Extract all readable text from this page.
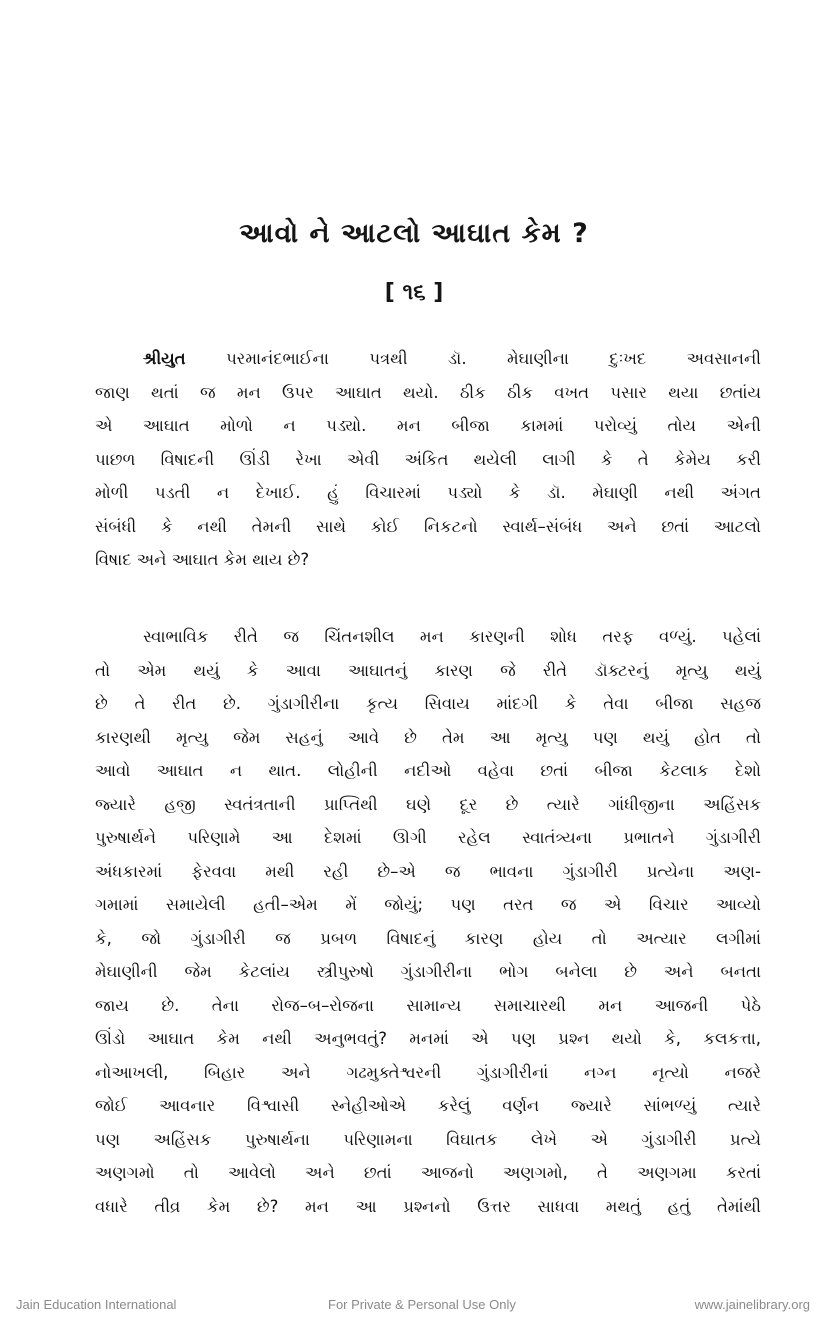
આવો ને આટલો આઘાત કેમ ?
[ ૧૬ ]
શ્રીયુત પરમાનંદભાઈના પત્રથી ડૉ. મેઘાણીના દુઃખદ અવસાનની
જાણ થતાં જ મન ઉપર આઘાત થયો. ઠીક ઠીક વખત પસાર થયા છતાંય
એ આઘાત મોળો ન પડ્યો. મન બીજા કામમાં પરોવ્યું તોય એની
પાછળ વિષાદની ઊંડી રેખા એવી અંકિત થયેલી લાગી કે તે કેમેય કરી
મોળી પડતી ન દેખાઈ. હું વિચારમાં પડ્યો કે ડૉ. મેઘાણી નથી અંગત
સંબંધી કે નથી તેમની સાથે કોઈ નિકટનો સ્વાર્થ–સંબંધ અને છતાં આટલો
વિષાદ અને આઘાત કેમ થાય છે?
સ્વાભાવિક રીતે જ ચિંતનશીલ મન કારણની શોધ તરફ વળ્યું. પહેલાં
તો એમ થયું કે આવા આઘાતનું કારણ જે રીતે ડૉક્ટરનું મૃત્યુ થયું
છે તે રીત છે. ગુંડાગીરીના કૃત્ય સિવાય માંદગી કે તેવા બીજા સહજ
કારણથી મૃત્યુ જેમ સહનું આવે છે તેમ આ મૃત્યુ પણ થયું હોત તો
આવો આઘાત ન થાત. લોહીની નદીઓ વહેવા છતાં બીજા કેટલાક દેશો
જ્યારે હજી સ્વતંત્રતાની પ્રાપ્તિથી ઘણે દૂર છે ત્યારે ગાંધીજીના અહિંસક
પુરુષાર્થને પરિણામે આ દેશમાં ઊગી રહેલ સ્વાતંત્ર્યના પ્રભાતને ગુંડાગીરી
અંધકારમાં ફેરવવા મથી રહી છે–એ જ ભાવના ગુંડાગીરી પ્રત્યેના અણ-
ગમામાં સમાયેલી હતી–એમ મેં જોયું; પણ તરત જ એ વિચાર આવ્યો
કે, જો ગુંડાગીરી જ પ્રબળ વિષાદનું કારણ હોય તો અત્યાર લગીમાં
મેઘાણીની જેમ કેટલાંય સ્ત્રીપુરુષો ગુંડાગીરીના ભોગ બનેલા છે અને બનતા
જાય છે. તેના રોજ–બ–રોજના સામાન્ય સમાચારથી મન આજની પેઠે
ઊંડો આઘાત કેમ નથી અનુભવતું? મનમાં એ પણ પ્રશ્ન થયો કે, કલકત્તા,
નોઆખલી, બિહાર અને ગઢમુક્તેશ્વરની ગુંડાગીરીનાં નગ્ન નૃત્યો નજરે
જોઈ આવનાર વિશ્વાસી સ્નેહીઓએ કરેલું વર્ણન જ્યારે સાંભળ્યું ત્યારે
પણ અહિંસક પુરુષાર્થના પરિણામના વિઘાતક લેખે એ ગુંડાગીરી પ્રત્યે
અણગમો તો આવેલો અને છતાં આજનો અણગમો, તે અણગમા કરતાં
વધારે તીવ્ર કેમ છે? મન આ પ્રશ્નનો ઉત્તર સાધવા મથતું હતું તેમાંથી
Jain Education International	For Private & Personal Use Only	www.jainelibrary.org
